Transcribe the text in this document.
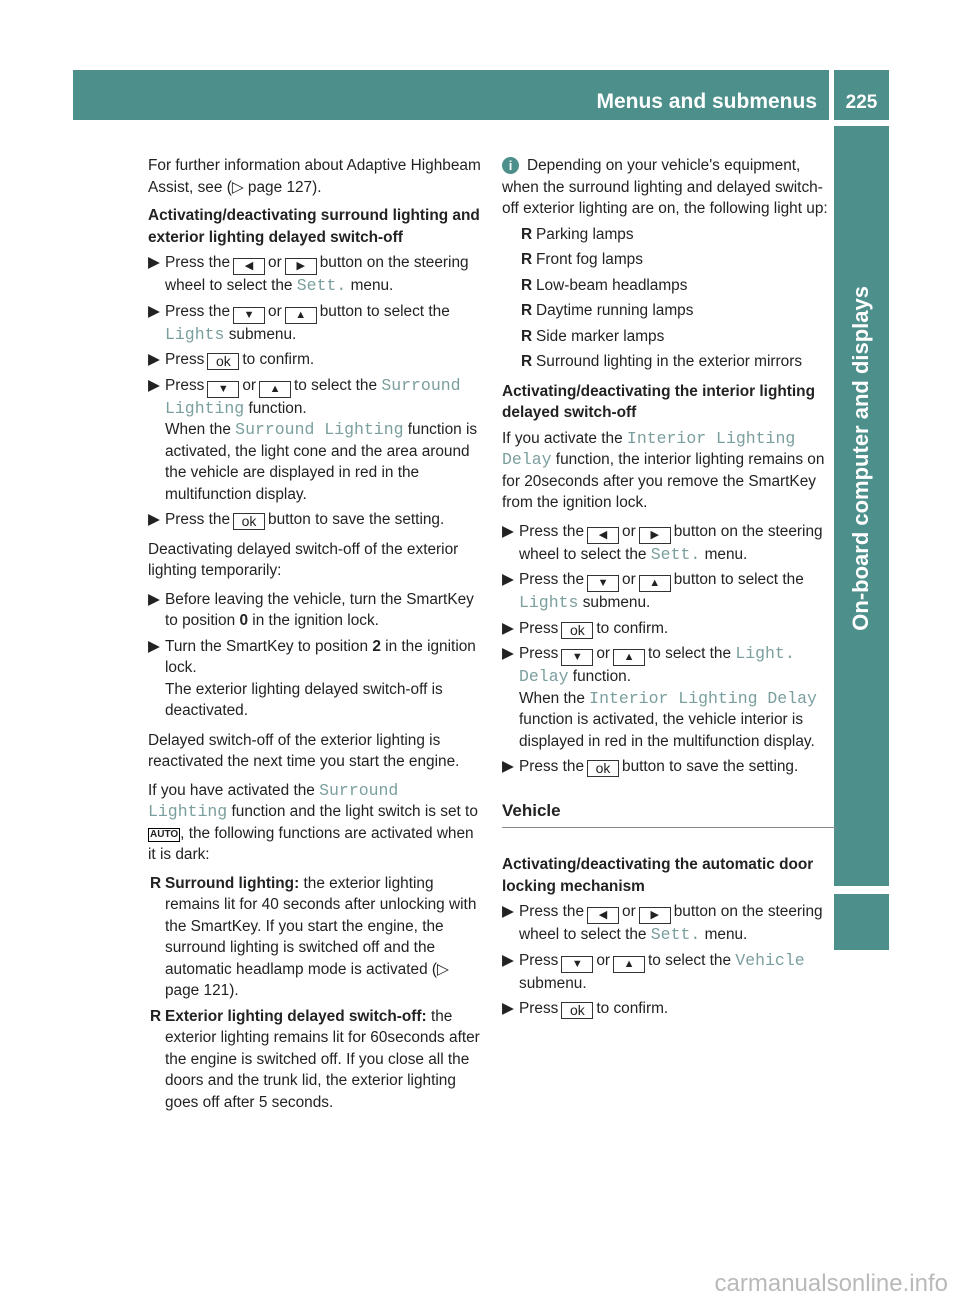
Menus and submenus	225
On-board computer and displays

For further information about Adaptive Highbeam Assist, see (▷ page 127).

Activating/deactivating surround lighting and exterior lighting delayed switch-off

▶ Press the ◀ or ▶ button on the steering wheel to select the Sett. menu.
▶ Press the ▼ or ▲ button to select the Lights submenu.
▶ Press ok to confirm.
▶ Press ▼ or ▲ to select the Surround Lighting function.
When the Surround Lighting function is activated, the light cone and the area around the vehicle are displayed in red in the multifunction display.
▶ Press the ok button to save the setting.

Deactivating delayed switch-off of the exterior lighting temporarily:

▶ Before leaving the vehicle, turn the SmartKey to position 0 in the ignition lock.
▶ Turn the SmartKey to position 2 in the ignition lock.
The exterior lighting delayed switch-off is deactivated.

Delayed switch-off of the exterior lighting is reactivated the next time you start the engine.

If you have activated the Surround Lighting function and the light switch is set to AUTO , the following functions are activated when it is dark:

R Surround lighting: the exterior lighting remains lit for 40 seconds after unlocking with the SmartKey. If you start the engine, the surround lighting is switched off and the automatic headlamp mode is activated (▷ page 121).
R Exterior lighting delayed switch-off: the exterior lighting remains lit for 60seconds after the engine is switched off. If you close all the doors and the trunk lid, the exterior lighting goes off after 5 seconds.

i Depending on your vehicle's equipment, when the surround lighting and delayed switch-off exterior lighting are on, the following light up:

R Parking lamps
R Front fog lamps
R Low-beam headlamps
R Daytime running lamps
R Side marker lamps
R Surround lighting in the exterior mirrors

Activating/deactivating the interior lighting delayed switch-off

If you activate the Interior Lighting Delay function, the interior lighting remains on for 20seconds after you remove the SmartKey from the ignition lock.

▶ Press the ◀ or ▶ button on the steering wheel to select the Sett. menu.
▶ Press the ▼ or ▲ button to select the Lights submenu.
▶ Press ok to confirm.
▶ Press ▼ or ▲ to select the Light. Delay function.
When the Interior Lighting Delay function is activated, the vehicle interior is displayed in red in the multifunction display.
▶ Press the ok button to save the setting.
Vehicle

Activating/deactivating the automatic door locking mechanism

▶ Press the ◀ or ▶ button on the steering wheel to select the Sett. menu.
▶ Press ▼ or ▲ to select the Vehicle submenu.
▶ Press ok to confirm.
carmanualsonline.info
